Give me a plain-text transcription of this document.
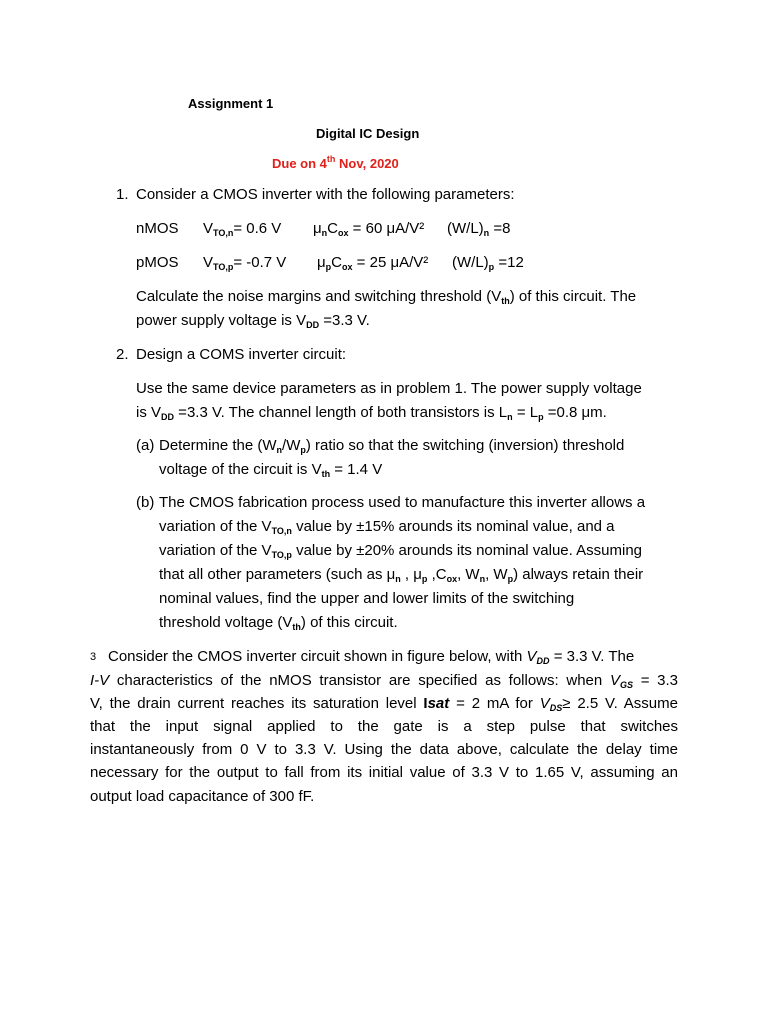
Assignment 1
Digital IC Design
Due on 4th Nov, 2020
1. Consider a CMOS inverter with the following parameters:
nMOS $V_{TO,n}= 0.6$ V $\mu_nC_{ox} = 60$ μA/V² $(W/L)_n =8$
pMOS $V_{TO,p}= -0.7$ V $\mu_pC_{ox} = 25$ μA/V² $(W/L)_p =12$
Calculate the noise margins and switching threshold $(V_{th})$ of this circuit. The
power supply voltage is $V_{DD} =3.3$ V.
2. Design a COMS inverter circuit:
Use the same device parameters as in problem 1. The power supply voltage
is $V_{DD} =3.3$ V. The channel length of both transistors is $L_n = L_p =0.8$ μm.
(a) Determine the $(W_n/W_p)$ ratio so that the switching (inversion) threshold
voltage of the circuit is $V_{th} = 1.4$ V
(b) The CMOS fabrication process used to manufacture this inverter allows a
variation of the $V_{TO,n}$ value by ±15% arounds its nominal value, and a
variation of the $V_{TO,p}$ value by ±20% arounds its nominal value. Assuming
that all other parameters (such as $\mu_n$ , $\mu_p$ $,C_{ox}$, $W_n$, $W_p$) always retain their
nominal values, find the upper and lower limits of the switching
threshold voltage $(V_{th})$ of this circuit.
3 Consider the CMOS inverter circuit shown in figure below, with $V_{DD} = 3.3$ V. The
I-V characteristics of the nMOS transistor are specified as follows: when $V_{GS} = 3.3$
V, the drain current reaches its saturation level Isat = 2 mA for $V_{DS}\ge 2.5$ V. Assume
that the input signal applied to the gate is a step pulse that switches
instantaneously from 0 V to 3.3 V. Using the data above, calculate the delay time
necessary for the output to fall from its initial value of 3.3 V to 1.65 V, assuming an
output load capacitance of 300 fF.
